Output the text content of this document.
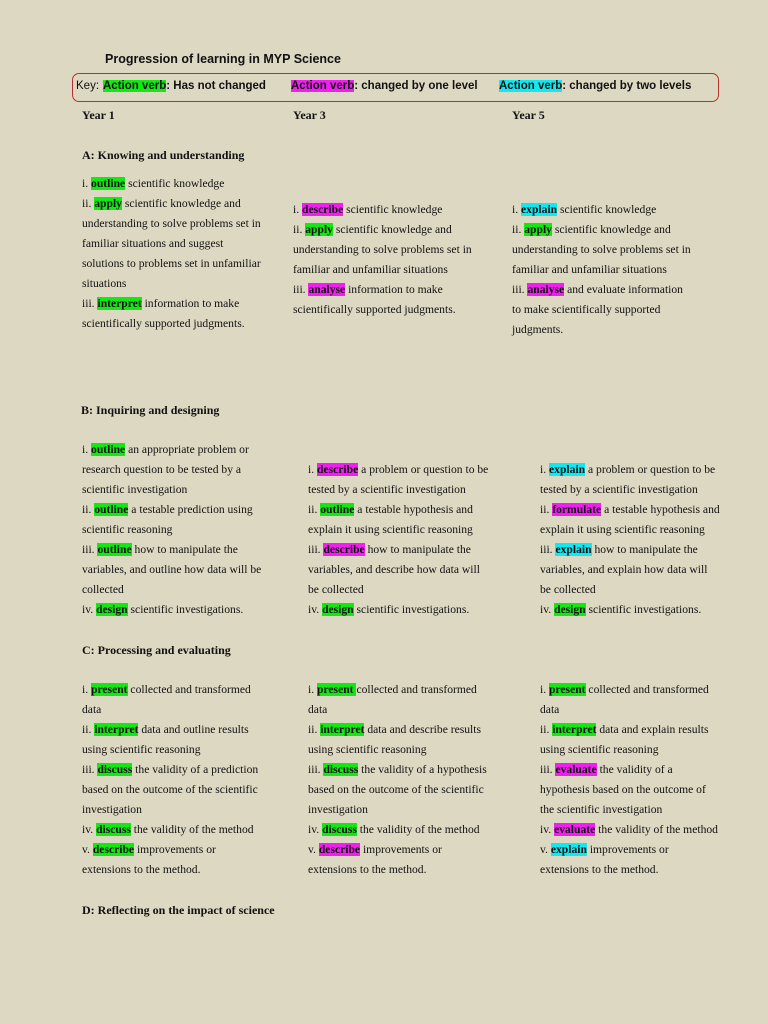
Progression of learning in MYP Science
Key: Action verb: Has not changed Action verb: changed by one level Action verb: changed by two levels
Year 1	Year 3	Year 5
A: Knowing and understanding
B: Inquiring and designing
C: Processing and evaluating
D: Reflecting on the impact of science
i. outline scientific knowledge
ii. apply scientific knowledge and
understanding to solve problems set in
familiar situations and suggest
solutions to problems set in unfamiliar
situations
iii. interpret information to make
scientifically supported judgments.
i. describe scientific knowledge
ii. apply scientific knowledge and
understanding to solve problems set in
familiar and unfamiliar situations
iii. analyse information to make
scientifically supported judgments.
i. explain scientific knowledge
ii. apply scientific knowledge and
understanding to solve problems set in
familiar and unfamiliar situations
iii. analyse and evaluate information
to make scientifically supported
judgments.
i. outline an appropriate problem or
research question to be tested by a
scientific investigation
ii. outline a testable prediction using
scientific reasoning
iii. outline how to manipulate the
variables, and outline how data will be
collected
iv. design scientific investigations.
i. describe a problem or question to be
tested by a scientific investigation
ii. outline a testable hypothesis and
explain it using scientific reasoning
iii. describe how to manipulate the
variables, and describe how data will
be collected
iv. design scientific investigations.
i. explain a problem or question to be
tested by a scientific investigation
ii. formulate a testable hypothesis and
explain it using scientific reasoning
iii. explain how to manipulate the
variables, and explain how data will
be collected
iv. design scientific investigations.
i. present collected and transformed
data
ii. interpret data and outline results
using scientific reasoning
iii. discuss the validity of a prediction
based on the outcome of the scientific
investigation
iv. discuss the validity of the method
v. describe improvements or
extensions to the method.
i. present collected and transformed
data
ii. interpret data and describe results
using scientific reasoning
iii. discuss the validity of a hypothesis
based on the outcome of the scientific
investigation
iv. discuss the validity of the method
v. describe improvements or
extensions to the method.
i. present collected and transformed
data
ii. interpret data and explain results
using scientific reasoning
iii. evaluate the validity of a
hypothesis based on the outcome of
the scientific investigation
iv. evaluate the validity of the method
v. explain improvements or
extensions to the method.
